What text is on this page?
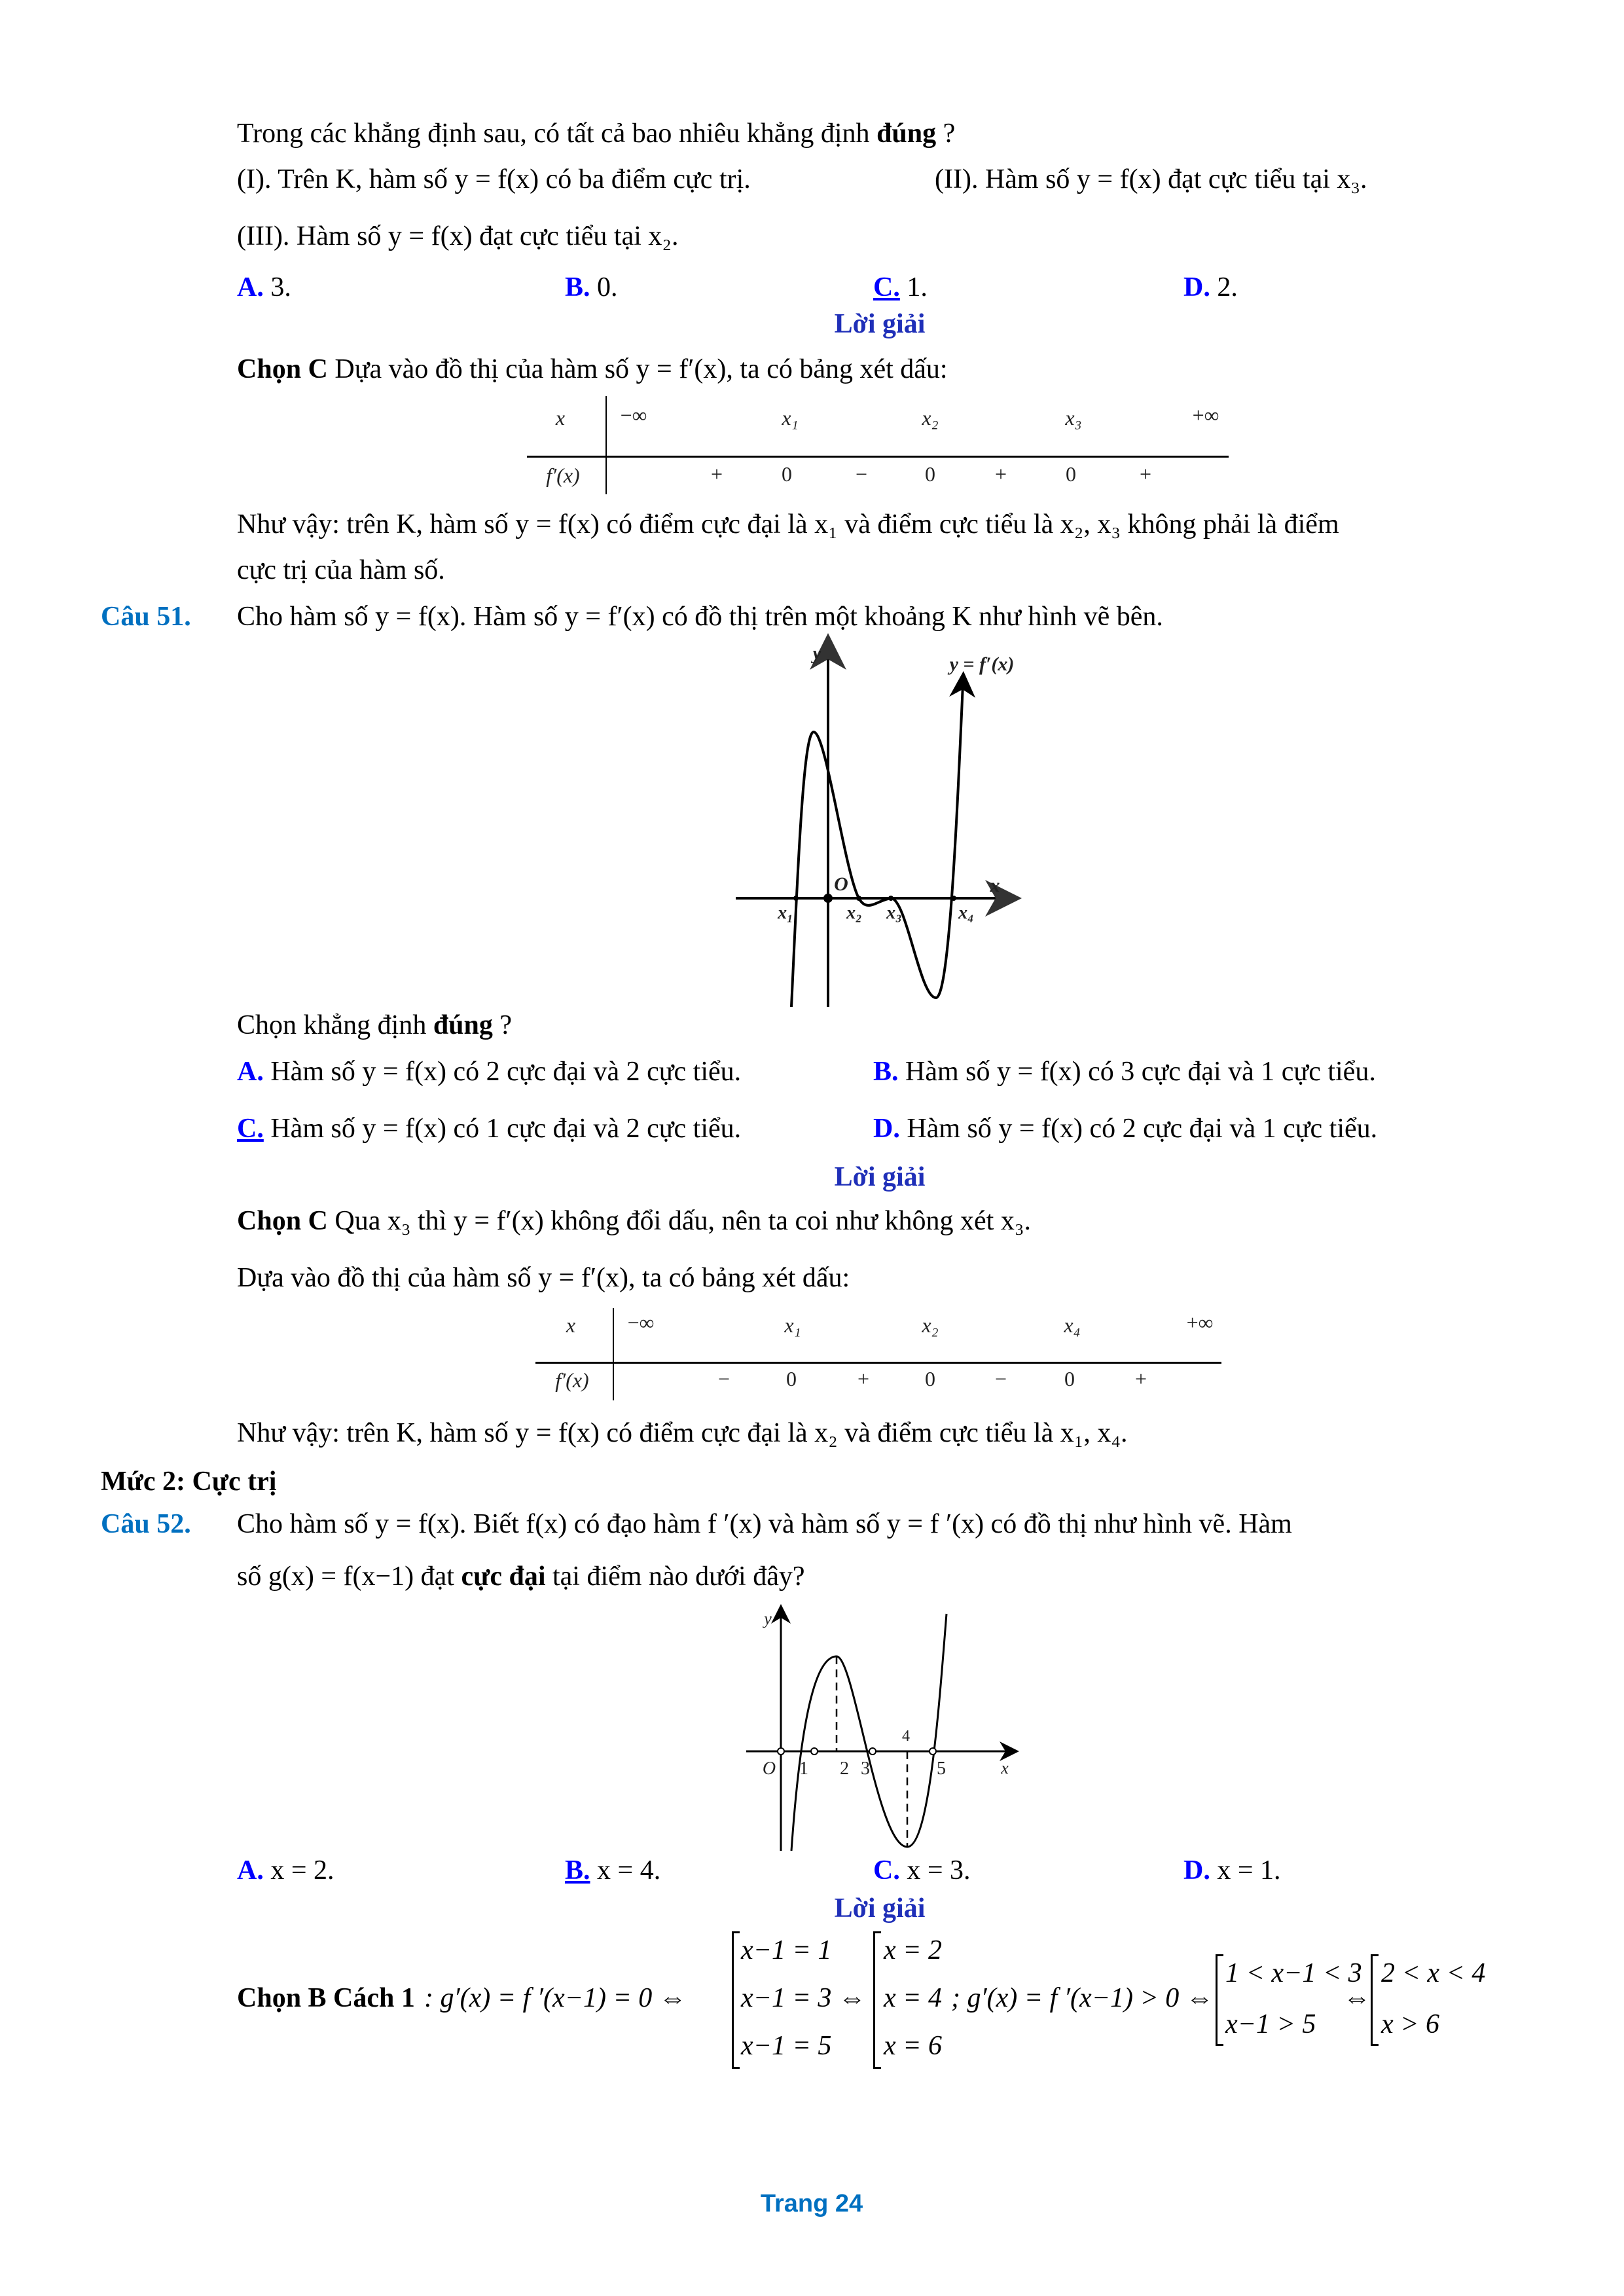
Trong các khẳng định sau, có tất cả bao nhiêu khẳng định đúng ?
(I). Trên K, hàm số y = f(x) có ba điểm cực trị.	(II). Hàm số y = f(x) đạt cực tiểu tại x₃.
(III). Hàm số y = f(x) đạt cực tiểu tại x₂.
A. 3.	B. 0.	C. 1.	D. 2.
Lời giải
Chọn C Dựa vào đồ thị của hàm số y = f′(x), ta có bảng xét dấu:
x	−∞	x₁	x₂	x₃	+∞
f′(x)	+	0	−	0	+	0	+
Như vậy: trên K, hàm số y = f(x) có điểm cực đại là x₁ và điểm cực tiểu là x₂, x₃ không phải là điểm
cực trị của hàm số.
Câu 51. Cho hàm số y = f(x). Hàm số y = f′(x) có đồ thị trên một khoảng K như hình vẽ bên.
y	y = f′(x)
x
O
x₁	x₂ x₃	x₄
Chọn khẳng định đúng ?
A. Hàm số y = f(x) có 2 cực đại và 2 cực tiểu.	B. Hàm số y = f(x) có 3 cực đại và 1 cực tiểu.
C. Hàm số y = f(x) có 1 cực đại và 2 cực tiểu.	D. Hàm số y = f(x) có 2 cực đại và 1 cực tiểu.
Lời giải
Chọn C Qua x₃ thì y = f′(x) không đổi dấu, nên ta coi như không xét x₃.
Dựa vào đồ thị của hàm số y = f′(x), ta có bảng xét dấu:
x −∞	x₁	x₂	x₄	+∞
f′(x)	−	0	+	0	−	0	+
Như vậy: trên K, hàm số y = f(x) có điểm cực đại là x₂ và điểm cực tiểu là x₁, x₄.
Mức 2: Cực trị
Câu 52. Cho hàm số y = f(x). Biết f(x) có đạo hàm f ′(x) và hàm số y = f ′(x) có đồ thị như hình vẽ. Hàm
số g(x) = f(x−1) đạt cực đại tại điểm nào dưới đây?
y
x
O 1 2 3
4
5
A. x = 2.	B. x = 4.	C. x = 3.	D. x = 1.
Lời giải
Chọn B Cách 1 : g′(x) = f ′(x−1) = 0 ⇔
x−1 = 1
x−1 = 3 ⇔
x−1 = 5
x = 2
x = 4
x = 6
; g′(x) = f ′(x−1) > 0 ⇔
1 < x−1 < 3
x−1 > 5
⇔
2 < x < 4
x > 6
Trang 24
